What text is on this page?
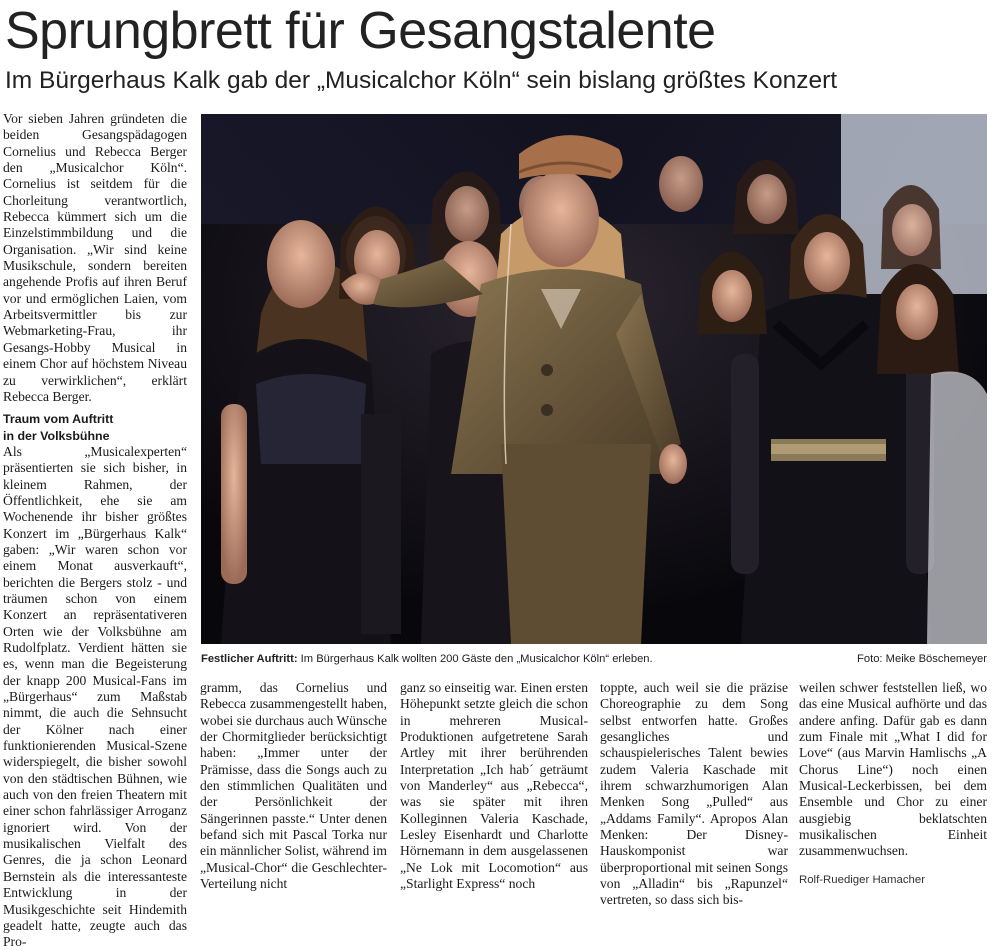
Sprungbrett für Gesangstalente
Im Bürgerhaus Kalk gab der „Musicalchor Köln“ sein bislang größtes Konzert

Vor sieben Jahren gründeten die beiden Gesangspädagogen Cornelius und Rebecca Berger den „Musicalchor Köln“. Cornelius ist seitdem für die Chorleitung verantwortlich, Rebecca kümmert sich um die Einzelstimmbildung und die Organisation. „Wir sind keine Musikschule, sondern bereiten angehende Profis auf ihren Beruf vor und ermöglichen Laien, vom Arbeitsvermittler bis zur Webmarketing-Frau, ihr Gesangs-Hobby Musical in einem Chor auf höchstem Niveau zu verwirklichen“, erklärt Rebecca Berger.

Traum vom Auftritt
in der Volksbühne

Als „Musicalexperten“ präsentierten sie sich bisher, in kleinem Rahmen, der Öffentlichkeit, ehe sie am Wochenende ihr bisher größtes Konzert im „Bürgerhaus Kalk“ gaben: „Wir waren schon vor einem Monat ausverkauft“, berichten die Bergers stolz - und träumen schon von einem Konzert an repräsentativeren Orten wie der Volksbühne am Rudolfplatz. Verdient hätten sie es, wenn man die Begeisterung der knapp 200 Musical-Fans im „Bürgerhaus“ zum Maßstab nimmt, die auch die Sehnsucht der Kölner nach einer funktionierenden Musical-Szene widerspiegelt, die bisher sowohl von den städtischen Bühnen, wie auch von den freien Theatern mit einer schon fahrlässiger Arroganz ignoriert wird. Von der musikalischen Vielfalt des Genres, die ja schon Leonard Bernstein als die interessanteste Entwicklung in der Musikgeschichte seit Hindemith geadelt hatte, zeugte auch das Pro-

Festlicher Auftritt: Im Bürgerhaus Kalk wollten 200 Gäste den „Musicalchor Köln“ erleben.	Foto: Meike Böschemeyer

gramm, das Cornelius und Rebecca zusammengestellt haben, wobei sie durchaus auch Wünsche der Chormitglieder berücksichtigt haben: „Immer unter der Prämisse, dass die Songs auch zu den stimmlichen Qualitäten und der Persönlichkeit der Sängerinnen passte.“ Unter denen befand sich mit Pascal Torka nur ein männlicher Solist, während im „Musical-Chor“ die Geschlechter-Verteilung nicht

ganz so einseitig war. Einen ersten Höhepunkt setzte gleich die schon in mehreren Musical-Produktionen aufgetretene Sarah Artley mit ihrer berührenden Interpretation „Ich hab´ geträumt von Manderley“ aus „Rebecca“, was sie später mit ihren Kolleginnen Valeria Kaschade, Lesley Eisenhardt und Charlotte Hörnemann in dem ausgelassenen „Ne Lok mit Locomotion“ aus „Starlight Express“ noch

toppte, auch weil sie die präzise Choreographie zu dem Song selbst entworfen hatte. Großes gesangliches und schauspielerisches Talent bewies zudem Valeria Kaschade mit ihrem schwarzhumorigen Alan Menken Song „Pulled“ aus „Addams Family“. Apropos Alan Menken: Der Disney-Hauskomponist war überproportional mit seinen Songs von „Alladin“ bis „Rapunzel“ vertreten, so dass sich bis-

weilen schwer feststellen ließ, wo das eine Musical aufhörte und das andere anfing. Dafür gab es dann zum Finale mit „What I did for Love“ (aus Marvin Hamlischs „A Chorus Line“) noch einen Musical-Leckerbissen, bei dem Ensemble und Chor zu einer ausgiebig beklatschten musikalischen Einheit zusammenwuchsen.

Rolf-Ruediger Hamacher
